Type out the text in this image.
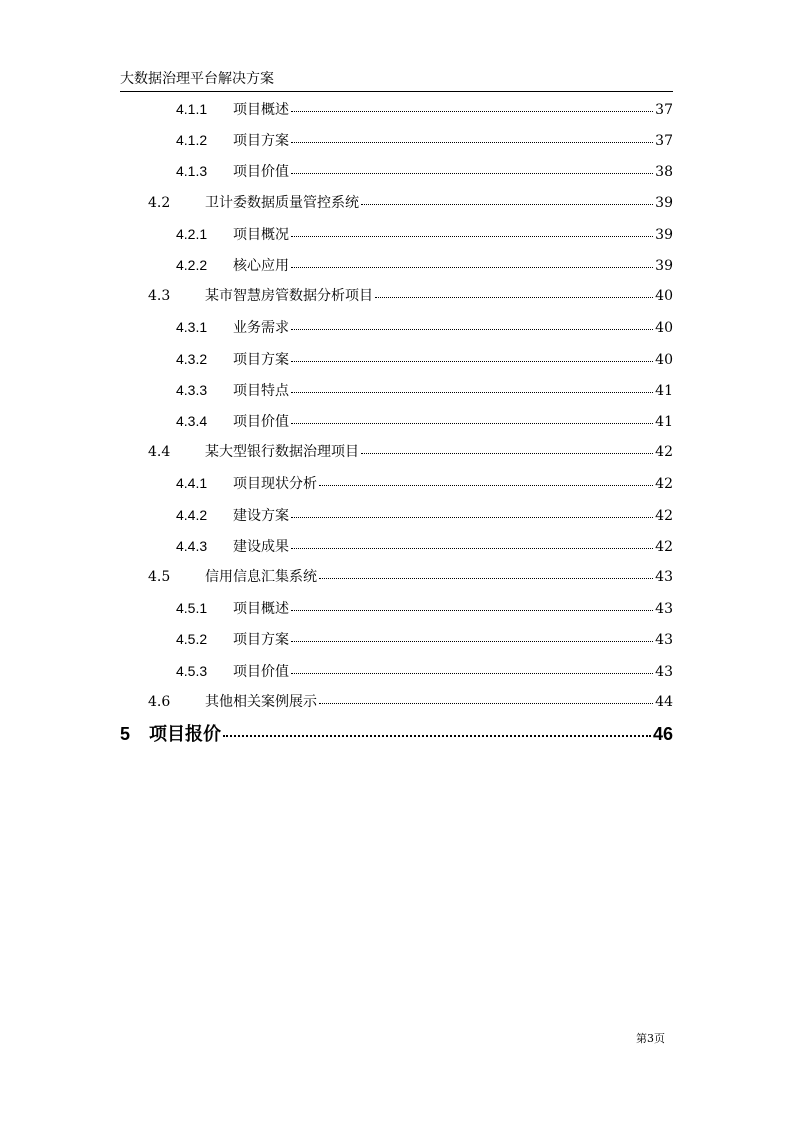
大数据治理平台解决方案
4.1.1	项目概述	37
4.1.2	项目方案	37
4.1.3	项目价值	38
4.2	卫计委数据质量管控系统	39
4.2.1	项目概况	39
4.2.2	核心应用	39
4.3	某市智慧房管数据分析项目	40
4.3.1	业务需求	40
4.3.2	项目方案	40
4.3.3	项目特点	41
4.3.4	项目价值	41
4.4	某大型银行数据治理项目	42
4.4.1	项目现状分析	42
4.4.2	建设方案	42
4.4.3	建设成果	42
4.5	信用信息汇集系统	43
4.5.1	项目概述	43
4.5.2	项目方案	43
4.5.3	项目价值	43
4.6	其他相关案例展示	44
5	项目报价	46
第3页
